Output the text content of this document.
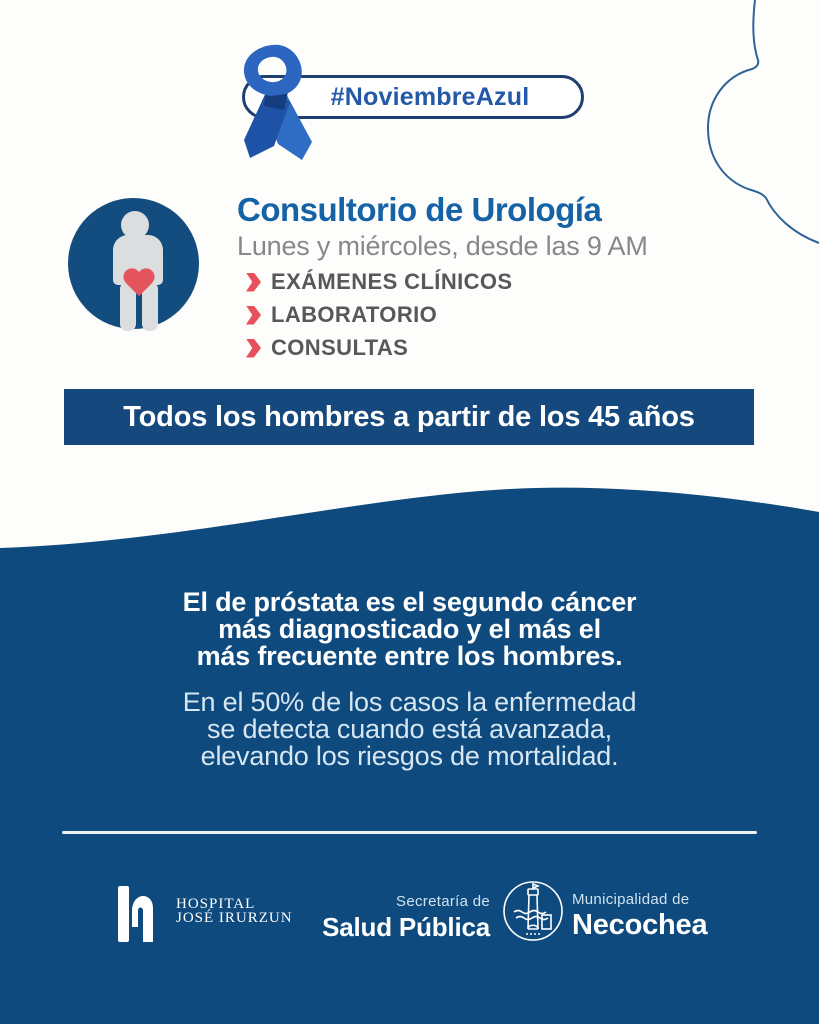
#NoviembreAzul
Consultorio de Urología
Lunes y miércoles, desde las 9 AM
EXÁMENES CLÍNICOS
LABORATORIO
CONSULTAS
Todos los hombres a partir de los 45 años
El de próstata es el segundo cáncer
más diagnosticado y el más el
más frecuente entre los hombres.
En el 50% de los casos la enfermedad
se detecta cuando está avanzada,
elevando los riesgos de mortalidad.
HOSPITAL
JOSÉ IRURZUN
Secretaría de
Salud Pública
Municipalidad de
Necochea
